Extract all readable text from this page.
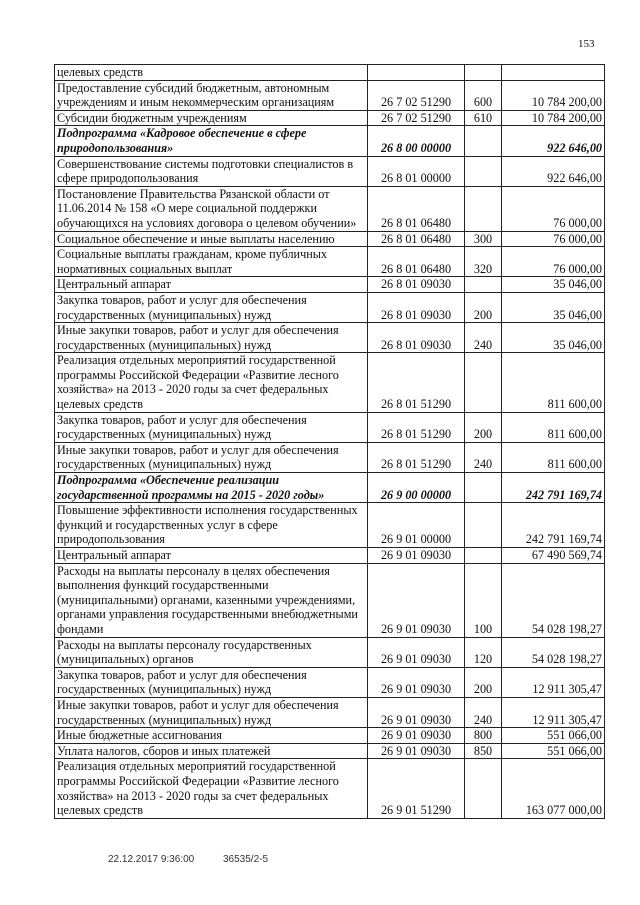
153
целевых средств			
Предоставление субсидий бюджетным, автономным учреждениям и иным некоммерческим организациям	26 7 02 51290	600	10 784 200,00
Субсидии бюджетным учреждениям	26 7 02 51290	610	10 784 200,00
Подпрограмма «Кадровое обеспечение в сфере природопользования»	26 8 00 00000		922 646,00
Совершенствование системы подготовки специалистов в сфере природопользования	26 8 01 00000		922 646,00
Постановление Правительства Рязанской области от 11.06.2014 № 158 «О мере социальной поддержки обучающихся на условиях договора о целевом обучении»	26 8 01 06480		76 000,00
Социальное обеспечение и иные выплаты населению	26 8 01 06480	300	76 000,00
Социальные выплаты гражданам, кроме публичных нормативных социальных выплат	26 8 01 06480	320	76 000,00
Центральный аппарат	26 8 01 09030		35 046,00
Закупка товаров, работ и услуг для обеспечения государственных (муниципальных) нужд	26 8 01 09030	200	35 046,00
Иные закупки товаров, работ и услуг для обеспечения государственных (муниципальных) нужд	26 8 01 09030	240	35 046,00
Реализация отдельных мероприятий государственной программы Российской Федерации «Развитие лесного хозяйства» на 2013 - 2020 годы за счет федеральных целевых средств	26 8 01 51290		811 600,00
Закупка товаров, работ и услуг для обеспечения государственных (муниципальных) нужд	26 8 01 51290	200	811 600,00
Иные закупки товаров, работ и услуг для обеспечения государственных (муниципальных) нужд	26 8 01 51290	240	811 600,00
Подпрограмма «Обеспечение реализации государственной программы на 2015 - 2020 годы»	26 9 00 00000		242 791 169,74
Повышение эффективности исполнения государственных функций и государственных услуг в сфере природопользования	26 9 01 00000		242 791 169,74
Центральный аппарат	26 9 01 09030		67 490 569,74
Расходы на выплаты персоналу в целях обеспечения выполнения функций государственными (муниципальными) органами, казенными учреждениями, органами управления государственными внебюджетными фондами	26 9 01 09030	100	54 028 198,27
Расходы на выплаты персоналу государственных (муниципальных) органов	26 9 01 09030	120	54 028 198,27
Закупка товаров, работ и услуг для обеспечения государственных (муниципальных) нужд	26 9 01 09030	200	12 911 305,47
Иные закупки товаров, работ и услуг для обеспечения государственных (муниципальных) нужд	26 9 01 09030	240	12 911 305,47
Иные бюджетные ассигнования	26 9 01 09030	800	551 066,00
Уплата налогов, сборов и иных платежей	26 9 01 09030	850	551 066,00
Реализация отдельных мероприятий государственной программы Российской Федерации «Развитие лесного хозяйства» на 2013 - 2020 годы за счет федеральных целевых средств	26 9 01 51290		163 077 000,00
22.12.2017 9:36:00	36535/2-5
